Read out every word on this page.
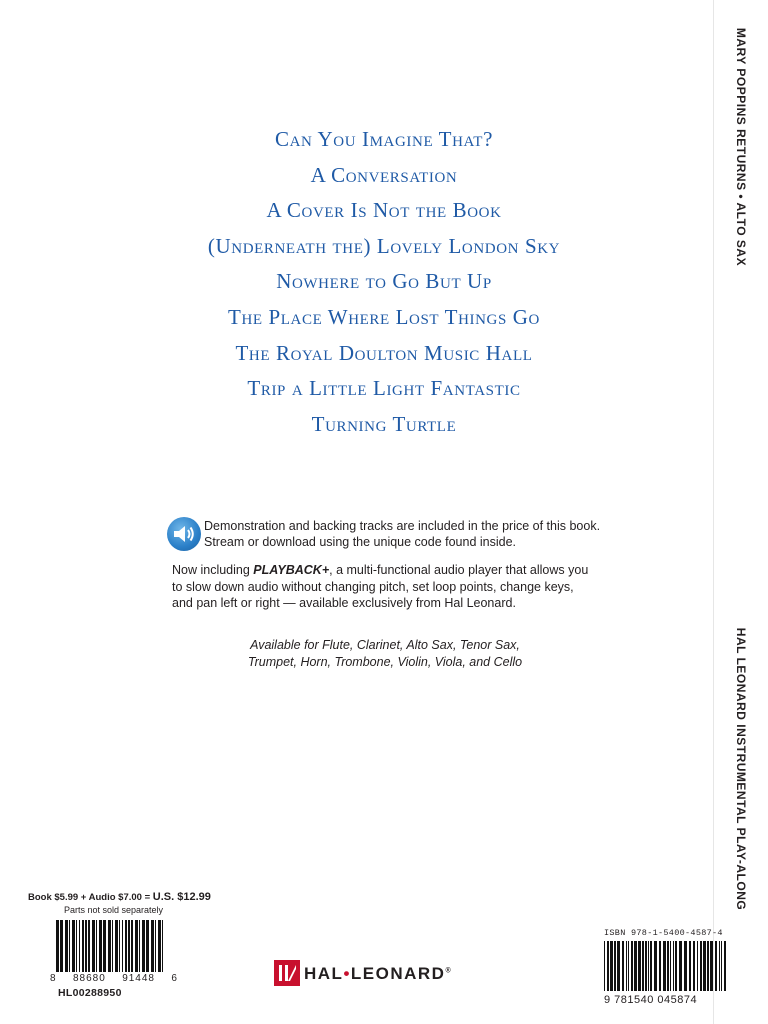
MARY POPPINS RETURNS • ALTO SAX
HAL LEONARD INSTRUMENTAL PLAY-ALONG
Can You Imagine That?
A Conversation
A Cover Is Not the Book
(Underneath the) Lovely London Sky
Nowhere to Go But Up
The Place Where Lost Things Go
The Royal Doulton Music Hall
Trip a Little Light Fantastic
Turning Turtle
Demonstration and backing tracks are included in the price of this book.
Stream or download using the unique code found inside.
Now including PLAYBACK+, a multi-functional audio player that allows you
to slow down audio without changing pitch, set loop points, change keys,
and pan left or right — available exclusively from Hal Leonard.
Available for Flute, Clarinet, Alto Sax, Tenor Sax,
Trumpet, Horn, Trombone, Violin, Viola, and Cello
Book $5.99 + Audio $7.00 = U.S. $12.99
Parts not sold separately
8 88680 91448 6
HL00288950
HAL•LEONARD®
ISBN 978-1-5400-4587-4
9 781540 045874
